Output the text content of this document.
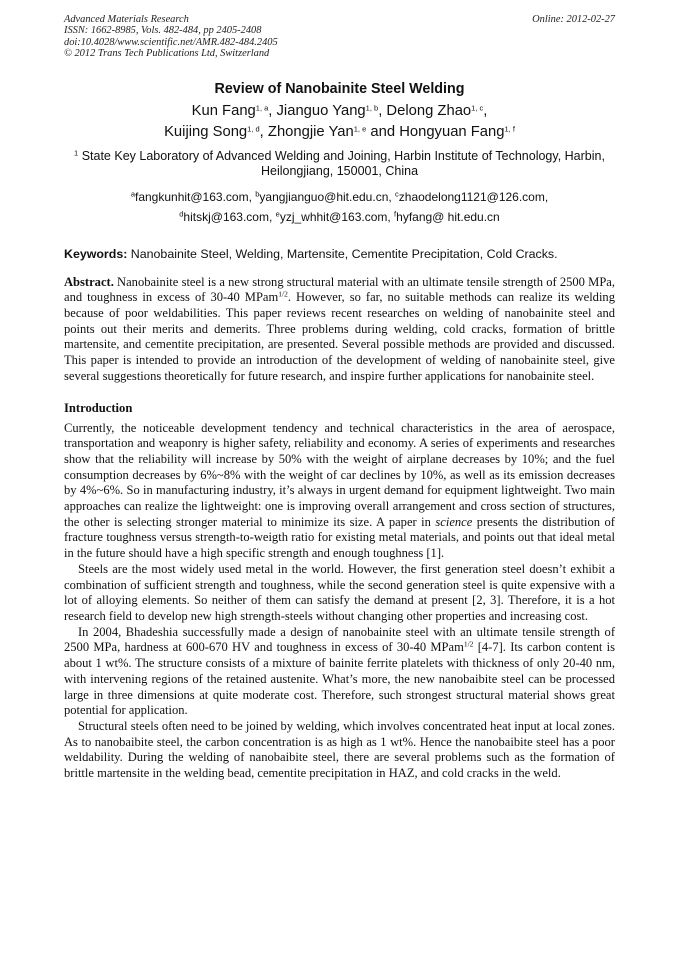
Advanced Materials Research
ISSN: 1662-8985, Vols. 482-484, pp 2405-2408
doi:10.4028/www.scientific.net/AMR.482-484.2405
© 2012 Trans Tech Publications Ltd, Switzerland
Online: 2012-02-27
Review of Nanobainite Steel Welding
Kun Fang$^{1, a}$, Jianguo Yang$^{1, b}$, Delong Zhao$^{1, c}$,
Kuijing Song$^{1, d}$, Zhongjie Yan$^{1, e}$ and Hongyuan Fang$^{1, f}$
$^1$ State Key Laboratory of Advanced Welding and Joining, Harbin Institute of Technology, Harbin,
Heilongjiang, 150001, China
$^a$fangkunhit@163.com, $^b$yangjianguo@hit.edu.cn, $^c$zhaodelong1121@126.com,
$^d$hitskj@163.com, $^e$yzj_whhit@163.com, $^f$hyfang@ hit.edu.cn
Keywords: Nanobainite Steel, Welding, Martensite, Cementite Precipitation, Cold Cracks.
Abstract. Nanobainite steel is a new strong structural material with an ultimate tensile strength of 2500 MPa, and toughness in excess of 30-40 MPam$^{1/2}$. However, so far, no suitable methods can realize its welding because of poor weldabilities. This paper reviews recent researches on welding of nanobainite steel and points out their merits and demerits. Three problems during welding, cold cracks, formation of brittle martensite, and cementite precipitation, are presented. Several possible methods are provided and discussed. This paper is intended to provide an introduction of the development of welding of nanobainite steel, give several suggestions theoretically for future research, and inspire further applications for nanobainite steel.
Introduction

Currently, the noticeable development tendency and technical characteristics in the area of aerospace, transportation and weaponry is higher safety, reliability and economy. A series of experiments and researches show that the reliability will increase by 50% with the weight of airplane decreases by 10%; and the fuel consumption decreases by 6%~8% with the weight of car declines by 10%, as well as its emission decreases by 4%~6%. So in manufacturing industry, it’s always in urgent demand for equipment lightweight. Two main approaches can realize the lightweight: one is improving overall arrangement and cross section of structures, the other is selecting stronger material to minimize its size. A paper in science presents the distribution of fracture toughness versus strength-to-weigth ratio for existing metal materials, and points out that ideal metal in the future should have a high specific strength and enough toughness [1].

Steels are the most widely used metal in the world. However, the first generation steel doesn’t exhibit a combination of sufficient strength and toughness, while the second generation steel is quite expensive with a lot of alloying elements. So neither of them can satisfy the demand at present [2, 3]. Therefore, it is a hot research field to develop new high strength-steels without changing other properties and increasing cost.

In 2004, Bhadeshia successfully made a design of nanobainite steel with an ultimate tensile strength of 2500 MPa, hardness at 600-670 HV and toughness in excess of 30-40 MPam$^{1/2}$ [4-7]. Its carbon content is about 1 wt%. The structure consists of a mixture of bainite ferrite platelets with thickness of only 20-40 nm, with intervening regions of the retained austenite. What’s more, the new nanobaibite steel can be processed large in three dimensions at quite moderate cost. Therefore, such strongest structural material shows great potential for application.

Structural steels often need to be joined by welding, which involves concentrated heat input at local zones. As to nanobaibite steel, the carbon concentration is as high as 1 wt%. Hence the nanobaibite steel has a poor weldability. During the welding of nanobaibite steel, there are several problems such as the formation of brittle martensite in the welding bead, cementite precipitation in HAZ, and cold cracks in the weld.
